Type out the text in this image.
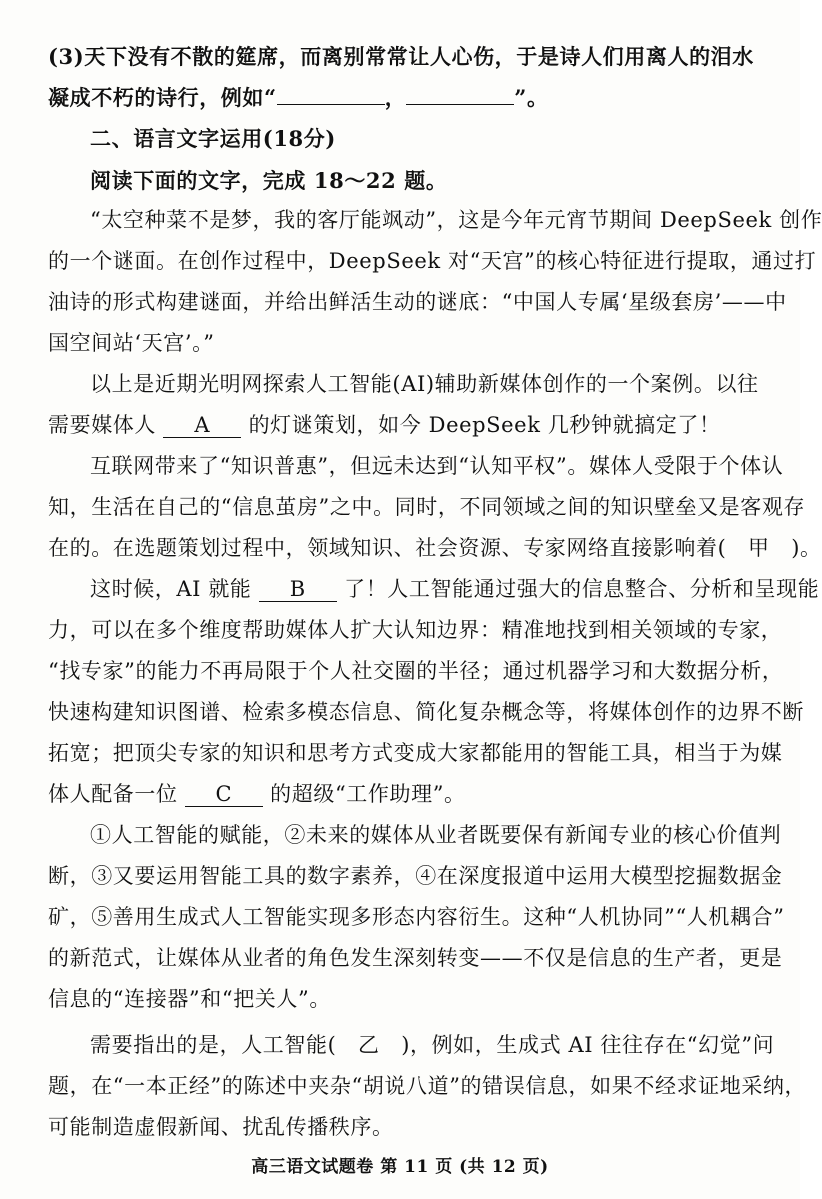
(3)天下没有不散的筵席，而离别常常让人心伤，于是诗人们用离人的泪水
凝成不朽的诗行，例如“	，	”。
二、语言文字运用(18分)
阅读下面的文字，完成 18～22 题。
“太空种菜不是梦，我的客厅能飒动”，这是今年元宵节期间 DeepSeek 创作
的一个谜面。在创作过程中，DeepSeek 对“天宫”的核心特征进行提取，通过打
油诗的形式构建谜面，并给出鲜活生动的谜底：“中国人专属‘星级套房’——中
国空间站‘天宫’。”
以上是近期光明网探索人工智能(AI)辅助新媒体创作的一个案例。以往
需要媒体人 A 的灯谜策划，如今 DeepSeek 几秒钟就搞定了！
互联网带来了“知识普惠”，但远未达到“认知平权”。媒体人受限于个体认
知，生活在自己的“信息茧房”之中。同时，不同领域之间的知识壁垒又是客观存
在的。在选题策划过程中，领域知识、社会资源、专家网络直接影响着(　甲　)。
这时候，AI 就能 B 了！人工智能通过强大的信息整合、分析和呈现能
力，可以在多个维度帮助媒体人扩大认知边界：精准地找到相关领域的专家，
“找专家”的能力不再局限于个人社交圈的半径；通过机器学习和大数据分析，
快速构建知识图谱、检索多模态信息、简化复杂概念等，将媒体创作的边界不断
拓宽；把顶尖专家的知识和思考方式变成大家都能用的智能工具，相当于为媒
体人配备一位 C 的超级“工作助理”。
①人工智能的赋能，②未来的媒体从业者既要保有新闻专业的核心价值判
断，③又要运用智能工具的数字素养，④在深度报道中运用大模型挖掘数据金
矿，⑤善用生成式人工智能实现多形态内容衍生。这种“人机协同”“人机耦合”
的新范式，让媒体从业者的角色发生深刻转变——不仅是信息的生产者，更是
信息的“连接器”和“把关人”。
需要指出的是，人工智能(　乙　)，例如，生成式 AI 往往存在“幻觉”问
题，在“一本正经”的陈述中夹杂“胡说八道”的错误信息，如果不经求证地采纳，
可能制造虚假新闻、扰乱传播秩序。
高三语文试题卷 第 11 页 (共 12 页)
